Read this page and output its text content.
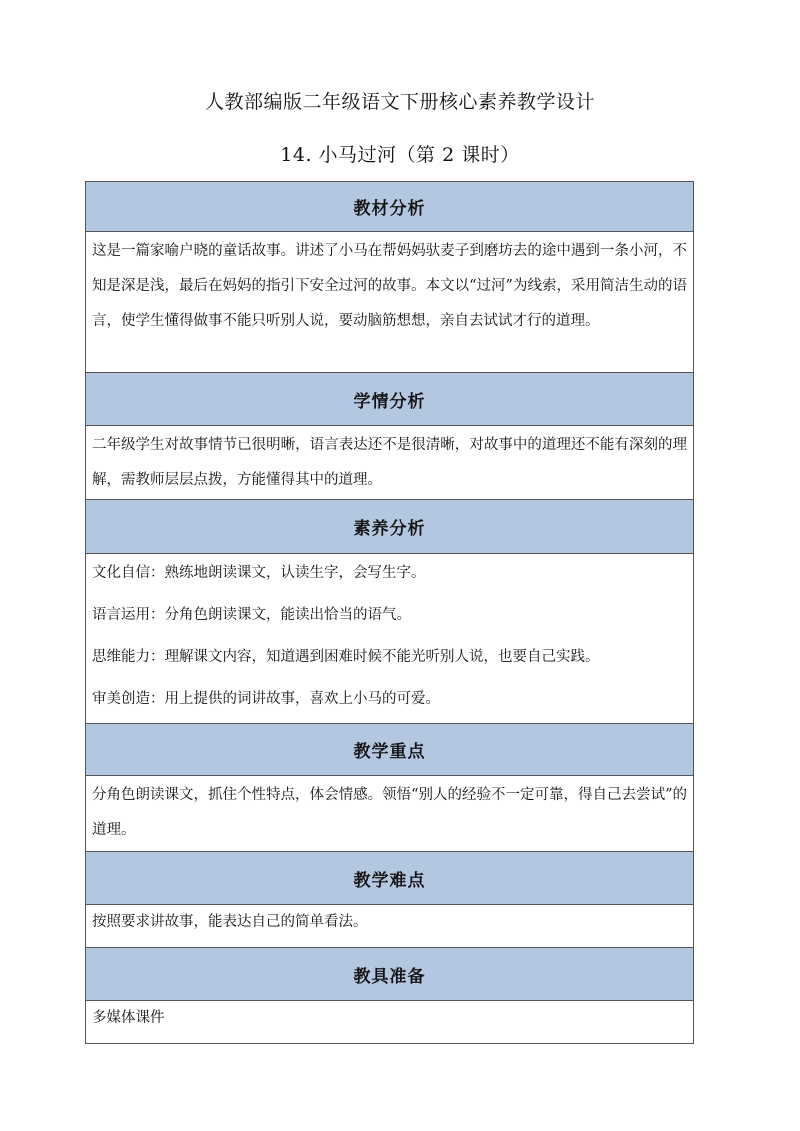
人教部编版二年级语文下册核心素养教学设计
14. 小马过河（第 2 课时）
教材分析

这是一篇家喻户晓的童话故事。讲述了小马在帮妈妈驮麦子到磨坊去的途中遇到一条小河，不知是深是浅，最后在妈妈的指引下安全过河的故事。本文以“过河”为线索，采用简洁生动的语言，使学生懂得做事不能只听别人说，要动脑筋想想，亲自去试试才行的道理。

学情分析

二年级学生对故事情节已很明晰，语言表达还不是很清晰，对故事中的道理还不能有深刻的理解，需教师层层点拨，方能懂得其中的道理。

素养分析

文化自信：熟练地朗读课文，认读生字，会写生字。

语言运用：分角色朗读课文，能读出恰当的语气。

思维能力：理解课文内容，知道遇到困难时候不能光听别人说，也要自己实践。

审美创造：用上提供的词讲故事，喜欢上小马的可爱。

教学重点

分角色朗读课文，抓住个性特点，体会情感。领悟“别人的经验不一定可靠，得自己去尝试”的道理。

教学难点

按照要求讲故事，能表达自己的简单看法。

教具准备

多媒体课件
